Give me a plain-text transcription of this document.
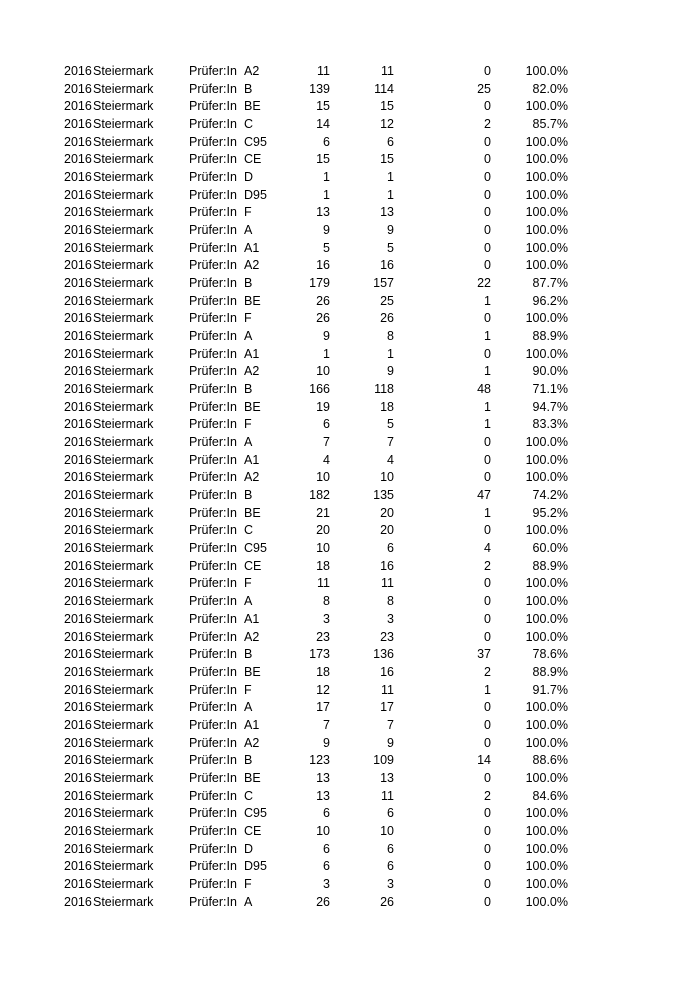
2016 Steiermark	Prüfer:In A2	11	11	0	100.0%
2016 Steiermark	Prüfer:In B	139	114	25	82.0%
2016 Steiermark	Prüfer:In BE	15	15	0	100.0%
2016 Steiermark	Prüfer:In C	14	12	2	85.7%
2016 Steiermark	Prüfer:In C95	6	6	0	100.0%
2016 Steiermark	Prüfer:In CE	15	15	0	100.0%
2016 Steiermark	Prüfer:In D	1	1	0	100.0%
2016 Steiermark	Prüfer:In D95	1	1	0	100.0%
2016 Steiermark	Prüfer:In F	13	13	0	100.0%
2016 Steiermark	Prüfer:In A	9	9	0	100.0%
2016 Steiermark	Prüfer:In A1	5	5	0	100.0%
2016 Steiermark	Prüfer:In A2	16	16	0	100.0%
2016 Steiermark	Prüfer:In B	179	157	22	87.7%
2016 Steiermark	Prüfer:In BE	26	25	1	96.2%
2016 Steiermark	Prüfer:In F	26	26	0	100.0%
2016 Steiermark	Prüfer:In A	9	8	1	88.9%
2016 Steiermark	Prüfer:In A1	1	1	0	100.0%
2016 Steiermark	Prüfer:In A2	10	9	1	90.0%
2016 Steiermark	Prüfer:In B	166	118	48	71.1%
2016 Steiermark	Prüfer:In BE	19	18	1	94.7%
2016 Steiermark	Prüfer:In F	6	5	1	83.3%
2016 Steiermark	Prüfer:In A	7	7	0	100.0%
2016 Steiermark	Prüfer:In A1	4	4	0	100.0%
2016 Steiermark	Prüfer:In A2	10	10	0	100.0%
2016 Steiermark	Prüfer:In B	182	135	47	74.2%
2016 Steiermark	Prüfer:In BE	21	20	1	95.2%
2016 Steiermark	Prüfer:In C	20	20	0	100.0%
2016 Steiermark	Prüfer:In C95	10	6	4	60.0%
2016 Steiermark	Prüfer:In CE	18	16	2	88.9%
2016 Steiermark	Prüfer:In F	11	11	0	100.0%
2016 Steiermark	Prüfer:In A	8	8	0	100.0%
2016 Steiermark	Prüfer:In A1	3	3	0	100.0%
2016 Steiermark	Prüfer:In A2	23	23	0	100.0%
2016 Steiermark	Prüfer:In B	173	136	37	78.6%
2016 Steiermark	Prüfer:In BE	18	16	2	88.9%
2016 Steiermark	Prüfer:In F	12	11	1	91.7%
2016 Steiermark	Prüfer:In A	17	17	0	100.0%
2016 Steiermark	Prüfer:In A1	7	7	0	100.0%
2016 Steiermark	Prüfer:In A2	9	9	0	100.0%
2016 Steiermark	Prüfer:In B	123	109	14	88.6%
2016 Steiermark	Prüfer:In BE	13	13	0	100.0%
2016 Steiermark	Prüfer:In C	13	11	2	84.6%
2016 Steiermark	Prüfer:In C95	6	6	0	100.0%
2016 Steiermark	Prüfer:In CE	10	10	0	100.0%
2016 Steiermark	Prüfer:In D	6	6	0	100.0%
2016 Steiermark	Prüfer:In D95	6	6	0	100.0%
2016 Steiermark	Prüfer:In F	3	3	0	100.0%
2016 Steiermark	Prüfer:In A	26	26	0	100.0%
